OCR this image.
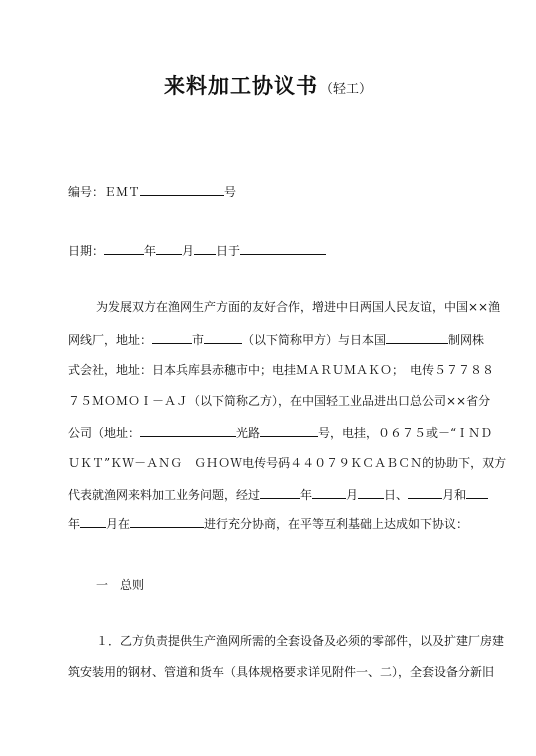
来料加工协议书 （轻工）
编号：ＥＭＴ	号
日期：	年 月 日于
为发展双方在渔网生产方面的友好合作，增进中日两国人民友谊，中国××渔
网线厂，地址：	市	（以下简称甲方）与日本国	制网株
式会社，地址：日本兵库县赤穗市中；电挂ＭＡＲＵＭＡＫＯ；　电传５７７８８
７５ＭＯＭＯＩ－ＡＪ（以下简称乙方），在中国轻工业品进出口总公司××省分
公司（地址：	光路	号，电挂，０６７５或－“ＩＮＤ
ＵＫＴ”ＫＷ－ＡＮＧ　ＧＨＯＷ电传号码４４０７９ＫＣＡＢＣＮ的协助下，双方
代表就渔网来料加工业务问题，经过	年	月 日、	月和
年 月在	进行充分协商，在平等互利基础上达成如下协议：
一　总则
１．乙方负责提供生产渔网所需的全套设备及必须的零部件，以及扩建厂房建
筑安装用的钢材、管道和货车（具体规格要求详见附件一、二），全套设备分新旧
